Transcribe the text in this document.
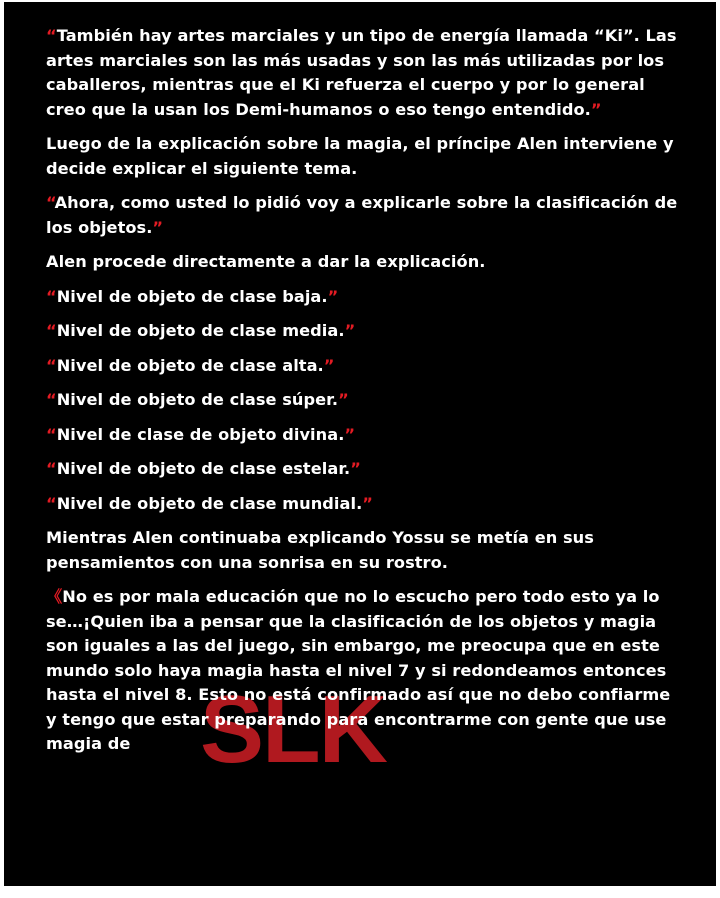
SLK

“También hay artes marciales y un tipo de energía llamada “Ki”. Las artes marciales son las más usadas y son las más utilizadas por los caballeros, mientras que el Ki refuerza el cuerpo y por lo general creo que la usan los Demi-humanos o eso tengo entendido.”

Luego de la explicación sobre la magia, el príncipe Alen interviene y decide explicar el siguiente tema.

“Ahora, como usted lo pidió voy a explicarle sobre la clasificación de los objetos.”

Alen procede directamente a dar la explicación.

“Nivel de objeto de clase baja.”

“Nivel de objeto de clase media.”

“Nivel de objeto de clase alta.”

“Nivel de objeto de clase súper.”

“Nivel de clase de objeto divina.”

“Nivel de objeto de clase estelar.”

“Nivel de objeto de clase mundial.”

Mientras Alen continuaba explicando Yossu se metía en sus pensamientos con una sonrisa en su rostro.

《No es por mala educación que no lo escucho pero todo esto ya lo se…¡Quien iba a pensar que la clasificación de los objetos y magia son iguales a las del juego, sin embargo, me preocupa que en este mundo solo haya magia hasta el nivel 7 y si redondeamos entonces hasta el nivel 8. Esto no está confirmado así que no debo confiarme y tengo que estar preparando para encontrarme con gente que use magia de
